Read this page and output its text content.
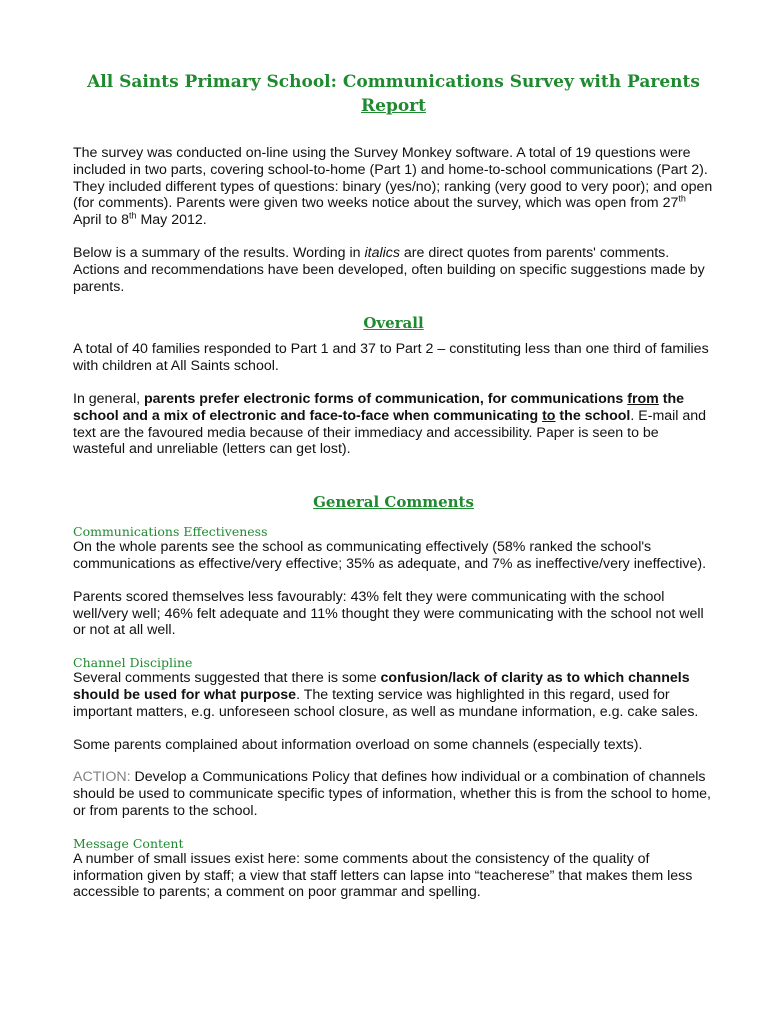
All Saints Primary School: Communications Survey with Parents
Report

The survey was conducted on-line using the Survey Monkey software. A total of 19 questions were included in two parts, covering school-to-home (Part 1) and home-to-school communications (Part 2). They included different types of questions: binary (yes/no); ranking (very good to very poor); and open (for comments). Parents were given two weeks notice about the survey, which was open from 27th April to 8th May 2012.

Below is a summary of the results. Wording in italics are direct quotes from parents' comments. Actions and recommendations have been developed, often building on specific suggestions made by parents.

Overall

A total of 40 families responded to Part 1 and 37 to Part 2 – constituting less than one third of families with children at All Saints school.

In general, parents prefer electronic forms of communication, for communications from the school and a mix of electronic and face-to-face when communicating to the school. E-mail and text are the favoured media because of their immediacy and accessibility. Paper is seen to be wasteful and unreliable (letters can get lost).

General Comments
Communications Effectiveness

On the whole parents see the school as communicating effectively (58% ranked the school's communications as effective/very effective; 35% as adequate, and 7% as ineffective/very ineffective).

Parents scored themselves less favourably: 43% felt they were communicating with the school well/very well; 46% felt adequate and 11% thought they were communicating with the school not well or not at all well.

Channel Discipline

Several comments suggested that there is some confusion/lack of clarity as to which channels should be used for what purpose. The texting service was highlighted in this regard, used for important matters, e.g. unforeseen school closure, as well as mundane information, e.g. cake sales.

Some parents complained about information overload on some channels (especially texts).

ACTION: Develop a Communications Policy that defines how individual or a combination of channels should be used to communicate specific types of information, whether this is from the school to home, or from parents to the school.

Message Content

A number of small issues exist here: some comments about the consistency of the quality of information given by staff; a view that staff letters can lapse into “teacherese” that makes them less accessible to parents; a comment on poor grammar and spelling.
